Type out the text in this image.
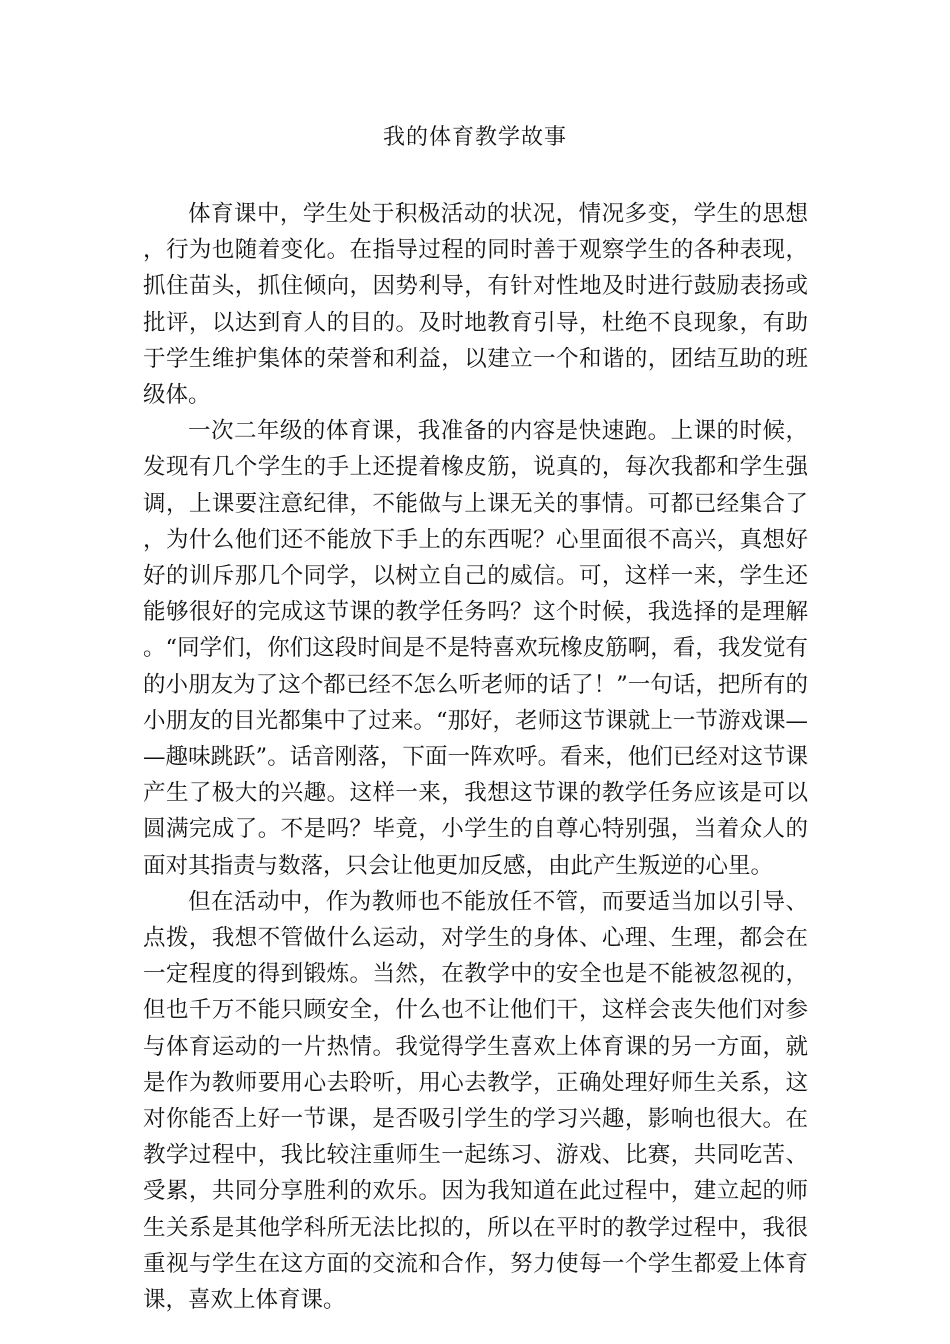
我的体育教学故事

体育课中，学生处于积极活动的状况，情况多变，学生的思想，行为也随着变化。在指导过程的同时善于观察学生的各种表现，抓住苗头，抓住倾向，因势利导，有针对性地及时进行鼓励表扬或批评，以达到育人的目的。及时地教育引导，杜绝不良现象，有助于学生维护集体的荣誉和利益，以建立一个和谐的，团结互助的班级体。

一次二年级的体育课，我准备的内容是快速跑。上课的时候，发现有几个学生的手上还提着橡皮筋，说真的，每次我都和学生强调，上课要注意纪律，不能做与上课无关的事情。可都已经集合了，为什么他们还不能放下手上的东西呢？心里面很不高兴，真想好好的训斥那几个同学，以树立自己的威信。可，这样一来，学生还能够很好的完成这节课的教学任务吗？这个时候，我选择的是理解。“同学们，你们这段时间是不是特喜欢玩橡皮筋啊，看，我发觉有的小朋友为了这个都已经不怎么听老师的话了！”一句话，把所有的小朋友的目光都集中了过来。“那好，老师这节课就上一节游戏课——趣味跳跃”。话音刚落，下面一阵欢呼。看来，他们已经对这节课产生了极大的兴趣。这样一来，我想这节课的教学任务应该是可以圆满完成了。不是吗？毕竟，小学生的自尊心特别强，当着众人的面对其指责与数落，只会让他更加反感，由此产生叛逆的心里。

但在活动中，作为教师也不能放任不管，而要适当加以引导、点拨，我想不管做什么运动，对学生的身体、心理、生理，都会在一定程度的得到锻炼。当然，在教学中的安全也是不能被忽视的，但也千万不能只顾安全，什么也不让他们干，这样会丧失他们对参与体育运动的一片热情。我觉得学生喜欢上体育课的另一方面，就是作为教师要用心去聆听，用心去教学，正确处理好师生关系，这对你能否上好一节课，是否吸引学生的学习兴趣，影响也很大。在教学过程中，我比较注重师生一起练习、游戏、比赛，共同吃苦、受累，共同分享胜利的欢乐。因为我知道在此过程中，建立起的师生关系是其他学科所无法比拟的，所以在平时的教学过程中，我很重视与学生在这方面的交流和合作，努力使每一个学生都爱上体育课，喜欢上体育课。
